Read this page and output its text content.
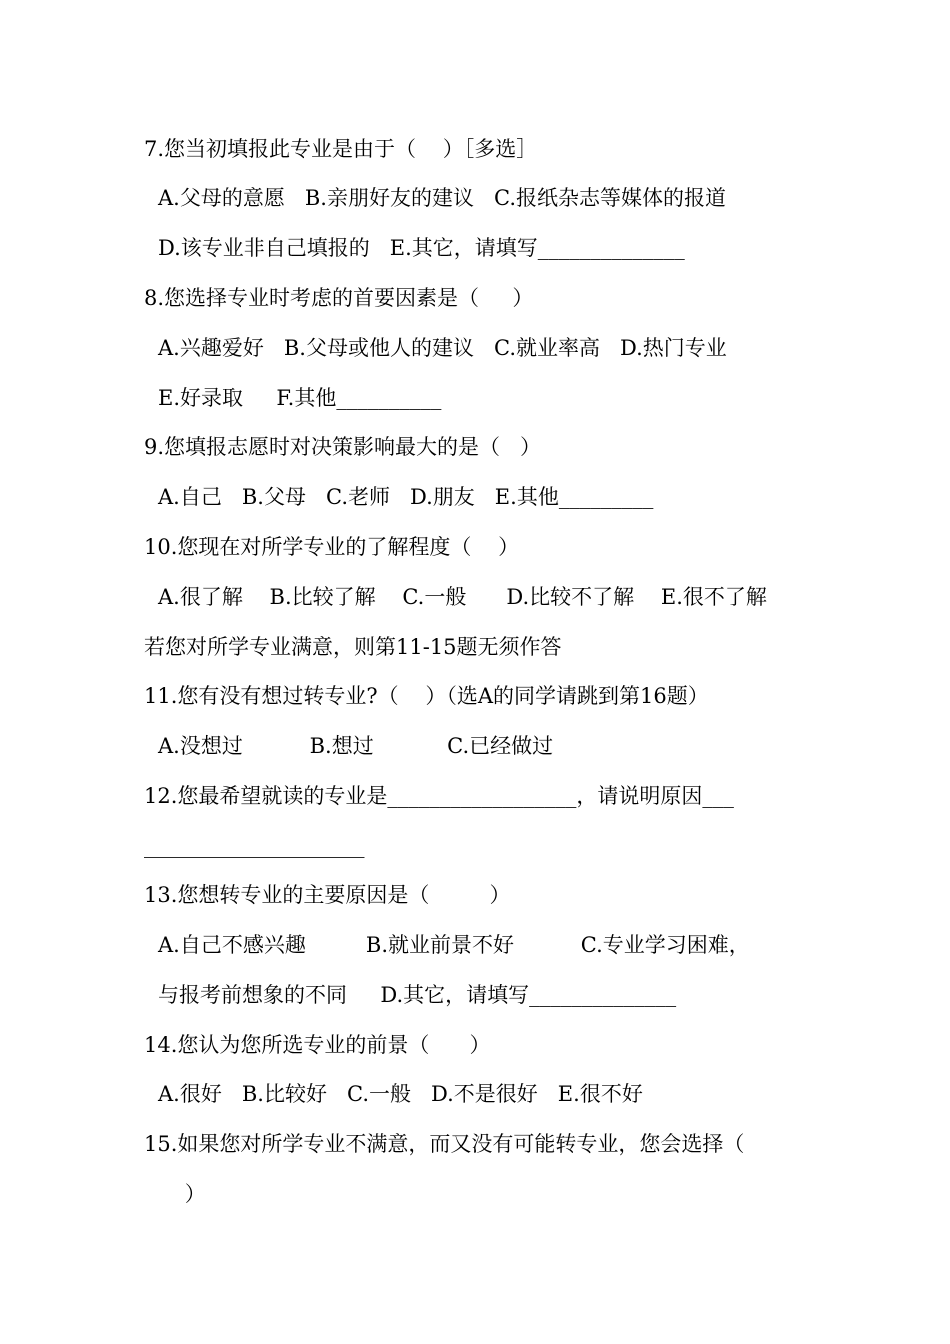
7.您当初填报此专业是由于（    ）［多选］
A.父母的意愿   B.亲朋好友的建议   C.报纸杂志等媒体的报道
D.该专业非自己填报的   E.其它，请填写______________
8.您选择专业时考虑的首要因素是（     ）
A.兴趣爱好   B.父母或他人的建议   C.就业率高   D.热门专业
E.好录取     F.其他__________
9.您填报志愿时对决策影响最大的是（   ）
A.自己   B.父母   C.老师   D.朋友   E.其他_________
10.您现在对所学专业的了解程度（    ）
A.很了解    B.比较了解    C.一般      D.比较不了解    E.很不了解
若您对所学专业满意，则第11-15题无须作答
11.您有没有想过转专业?（    ）（选A的同学请跳到第16题）
A.没想过          B.想过           C.已经做过
12.您最希望就读的专业是__________________，请说明原因___
_____________________
13.您想转专业的主要原因是（         ）
A.自己不感兴趣         B.就业前景不好          C.专业学习困难，
与报考前想象的不同     D.其它，请填写______________
14.您认为您所选专业的前景（      ）
A.很好   B.比较好   C.一般   D.不是很好   E.很不好
15.如果您对所学专业不满意，而又没有可能转专业，您会选择（
）
